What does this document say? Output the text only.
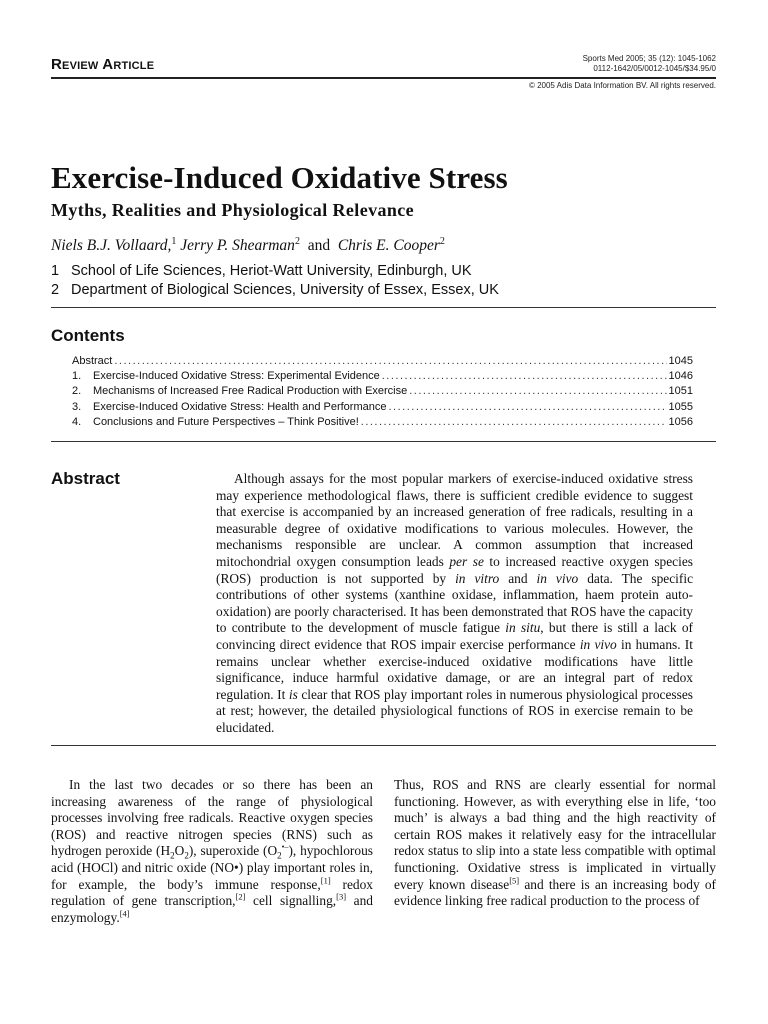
Review Article	Sports Med 2005; 35 (12): 1045-1062
0112-1642/05/0012-1045/$34.95/0
© 2005 Adis Data Information BV. All rights reserved.
Exercise-Induced Oxidative Stress
Myths, Realities and Physiological Relevance
Niels B.J. Vollaard,$^1$ Jerry P. Shearman$^2$ and Chris E. Cooper$^2$
1 School of Life Sciences, Heriot-Watt University, Edinburgh, UK
2 Department of Biological Sciences, University of Essex, Essex, UK
Contents
Abstract .....	1045
1.	Exercise-Induced Oxidative Stress: Experimental Evidence .....	1046
2.	Mechanisms of Increased Free Radical Production with Exercise .....	1051
3.	Exercise-Induced Oxidative Stress: Health and Performance .....	1055
4.	Conclusions and Future Perspectives – Think Positive! .....	1056
Abstract	Although assays for the most popular markers of exercise-induced oxidative stress may experience methodological flaws, there is sufficient credible evidence to suggest that exercise is accompanied by an increased generation of free radicals, resulting in a measurable degree of oxidative modifications to various molecules. However, the mechanisms responsible are unclear. A common assumption that increased mitochondrial oxygen consumption leads per se to increased reactive oxygen species (ROS) production is not supported by in vitro and in vivo data. The specific contributions of other systems (xanthine oxidase, inflammation, haem protein auto-oxidation) are poorly characterised. It has been demonstrated that ROS have the capacity to contribute to the development of muscle fatigue in situ, but there is still a lack of convincing direct evidence that ROS impair exercise performance in vivo in humans. It remains unclear whether exercise-induced oxidative modifications have little significance, induce harmful oxidative damage, or are an integral part of redox regulation. It is clear that ROS play important roles in numerous physiological processes at rest; however, the detailed physiological functions of ROS in exercise remain to be elucidated.

In the last two decades or so there has been an increasing awareness of the range of physiological processes involving free radicals. Reactive oxygen species (ROS) and reactive nitrogen species (RNS) such as hydrogen peroxide $(H_2O_2)$, superoxide $(O_2^{•-})$, hypochlorous acid (HOCl) and nitric oxide (NO•) play important roles in, for example, the body’s immune response,[1] redox regulation of gene transcription,[2] cell signalling,[3] and enzymology.[4]

Thus, ROS and RNS are clearly essential for normal functioning. However, as with everything else in life, ‘too much’ is always a bad thing and the high reactivity of certain ROS makes it relatively easy for the intracellular redox status to slip into a state less compatible with optimal functioning. Oxidative stress is implicated in virtually every known disease[5] and there is an increasing body of evidence linking free radical production to the process of
